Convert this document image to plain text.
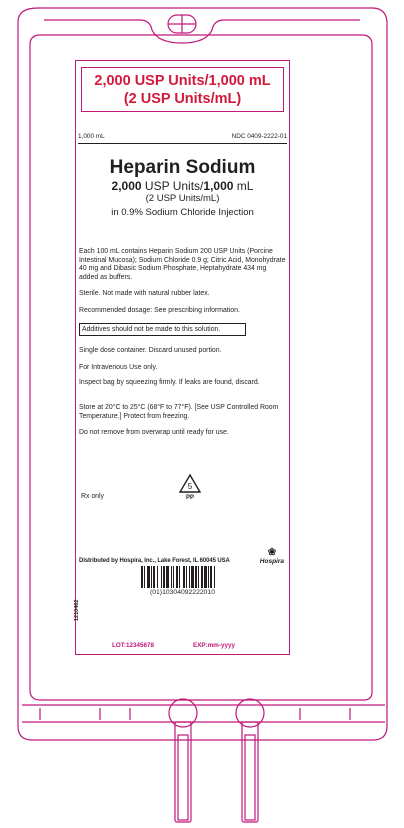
2,000 USP Units/1,000 mL
(2 USP Units/mL)
1,000 mL	NDC 0409-2222-01
Heparin Sodium
2,000 USP Units/1,000 mL
(2 USP Units/mL)
in 0.9% Sodium Chloride Injection
Each 100 mL contains Heparin Sodium 200 USP Units (Porcine Intestinal Mucosa); Sodium Chloride 0.9 g; Citric Acid, Monohydrate 40 mg and Dibasic Sodium Phosphate, Heptahydrate 434 mg added as buffers.
Sterile. Not made with natural rubber latex.
Recommended dosage: See prescribing information.
Additives should not be made to this solution.
Single dose container. Discard unused portion.
For Intravenous Use only.
Inspect bag by squeezing firmly. If leaks are found, discard.
Store at 20°C to 25°C (68°F to 77°F). [See USP Controlled Room Temperature.] Protect from freezing.
Do not remove from overwrap until ready for use.
Rx only
5
PP
Distributed by Hospira, Inc., Lake Forest, IL 60045 USA
❀
Hospira
(01)10304092222010
1210462
LOT:12345678	EXP:mm-yyyy
